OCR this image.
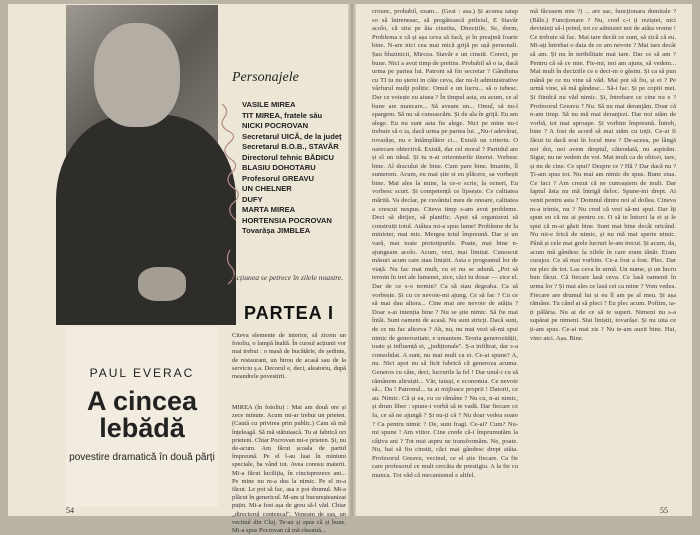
Personajele
VASILE MIREA
TIT MIREA, fratele său
NICKI POCROVAN
Secretarul UICĂ, de la județ
Secretarul B.O.B., STAVĂR
Directorul tehnic BĂDICU
BLASIU DOHOTARU
Profesorul GREAVU
UN CHELNER
DUFY
MARTA MIREA
HORTENSIA POCROVAN
Tovarășa JIMBLEA
Acțiunea se petrece în zilele noastre.
PARTEA I
Citeva elemente de interior, să zicem un fotoliu, o lampă înaltă. În cursul acțiunii vor mai trebui : o masă de bucătărie, de ședinte, de restaurant, un birou de acasă sau de la serviciu ș.a. Decorul e, deci, aleatoriu, după meandrele povestirii.
MIREA (în fotoliu) : Mai am două ore și zece minute. Acum mi-ar trebui un prieten. (Cautǎ cu privirea prin public.) Cam să mă înțeleagă. Să mă stătuiască. Tu ai fabrică ori prietení. Chiar Pocrovan mi-e prieten. Și, nu de-acum. Am făcut școala de partid împreună. Pe el l-au luat în miniuni speciale, ba vând tot. Avea conosu materii. Mi-a făcut luciliția, în cincisprezece ani... Pe mine nu m-a dus la nimic. Pe el m-a făcut. Le pot să fac, asa e pot drumul. Mi-a plăcut în genericul. M-am și bucureșteanizat puțin. Mi-a fost așa de greu să-l văd. Chiar „directorul contencal". Veneam de sus, un vecinul din Cluj. Te-au și spus că și bune. Mi-a spus Pocrovan că mă cheamă...
PAUL EVERAC
A cincea lebădă
povestire dramatică în două părți
54
crounc, probabil, ezam... (Gest : asa.) Și acuma tatap so să întreneasc, să pregătească prileiul, E Stavăr acolo, că stiu pe ăia cinstita, Direcțiile, Se, dorm, Problema e că și așa ceva să facă, și în preajmă foarte bine. N-are nici cea mai mică grijă pe ușă personali. Șau bluzinicii, Mircea. Stavăr e un cinstit. Corect, pe bune. Nici a avut timp de pretins. Probabil să o ia, dacă urma pe partea lui. Patroni să fin secretar ? Gândiuna cu TI tu nu șterei in căte ceva, dar nu-lt administrative vârfurul mulți politic. Omul e un lucru... să o iubesc. Dar ce voiește eu aiuea ? În timpul asta, eu acum, ce al bune are mancare... Să aveam un... Omul, să nu-l spargem. Să nu să cunoascăm. Și de ala în grijă. Eu am alege. Eu nu sunt asta fie alege. Nici pe mine nu-i trebuie să o ia, dacă urma pe partea lui. „Nu-i adevărat, tovarășe, nu e întâmplător ci... Există un criteriu. O oarecare obiectivă. Există, dar cel moral ? Partidul are și el un ideal. Și tu n-ai orizonturile tinerei. Vorbesc bine. Al dracului de bine. Cum pare bine. Imanite, îl sunterem. Acum, eu mai știe si eu plăcere, sa vorbești bine. Mai ales la mine, la ce-o scrie, la ocneri, Eu vorbesc scurt. Și competență ce lipsește. Ce calitatea mărită. Va declar, pe cuvântul meu de onoare, calitatea a crescut nespus. Citeva timp s-am avut probleme. Deci să dirijez, să planific. Apoi să organizezi să construiți totul. Atâtea mi-a spus lume! Probleme de la minister, mai mic. Mergea totul împreună. Dar și un vară, mai toate prototipurile. Poate, mai bine n-ajungeam acolo. Acum, vezi, mai limitat. Cunoscut măsuri acum care stau liniștit. Asta e programul lor de viață. Nu fac mai mult, cu ei nu se adună. „Pot să termin în trei ale lumenei, zice, căci tu dosar — zice el. Dar de ce s-o termin? Ca să stau degeaba. Ca să vorbește. Și cu ce nevoie-mi ajung. Ce să fac ? Cu ce să mai dau altora... Cine mai are nevoie de atâția ? Doar s-ai intenția bine ? Nu se știe nimic. Să fie mai întâi. Sunt oameni de acasă. Nu sunt stricți. Dacă sunt, de ce nu fac altceva ? Ah, nu, nu mai vezi să-mi spui nimic de generozitate, e umanism. Teoria generozității, toate și influență ei, „judiționale". Ș-a infiltrat, dar s-a consolidat. A sunt, nu mai mult ca ei. Ce-ai spune? A, nu. Nici apoi nu să ficit fabrică că generoza acuma. Generos cu câte, deci, lucrurile la fel ! Dar unul-i cu să rămânem altruiști... Văr, tatuși, e economia. Ce nevoie să... Da ! Patronul... tu ai mijloace proprii ! Datorii, ce au. Nimic. Că și ea, cu ce rămâne ? Nu cu, n-ai nimic, și drum liber : spune-i vorbă să te vadă. Dar fiecare ce fa, ce să ne ajungă ? Și nu-ți că ? Nu doar vedea soare ? Ca pentru nimic ? De, sunt fragi. Ce-ai? Cum? Nu-mi spune ! Am viitor. Cine crede că-i împrumutăm la câțiva ani ? Tot mai aspru ne transformăm. Ne, poate. Nu, hai să fiu cinstit, căci mai gândesc drept atâta. Profesorul Greavu, vecinul, ce el știe fiecare. Ca fie care profesorul ce mult cercăta de prestigiu. A la fie cu munca. Tot văd că mecanismul e altfel.
mă făcusem mie ?) ... are sac, funcționara dumitale ? (Băle.) Funcționare ? Nu, cred c-i ți reziștei, nici devinieți să-l prind, tot ce admisiei noi de atâta vreme ! Ce trebuie să fac. Mai tare decât ce sunt, să zică că eu. Mi-ați întrebat o data de ce am nevoie ? Mai tare decât să am. Și nu în teribilitate mai tare. Dar ce să am ? Pentru că să ce mie. Fie-mi, noi am ajuns, să vedem... Mai mult în deciziile ce e deci-m o găsim. Și ca să pun mână pe ce nu vine să văd. Mai pot să fiu, și ei ? Pe urmă vine, să mă gândesc... Să-i fac. Și pe copiii mei. Și fiindcă nu văd nimic. Și, întrebare ce cine nu e ? Profesorul Greavu ? Nu. Să nu mai deranjăm. Doar că n-am timp. Să nu mă mai deranjezi. Dar noi stăm de vorbă, tot mai aproape. Și vorbim împreună. Întreb, bine ? A fost de acord să mai stăm cu toții. Ce-ai fi făcut tu dacă erai în locul meu ? De-aceea, pe lângă noi doi, noi avem dreptul, câteodată, nu aspirăm. Sigur, nu ne vedem de voi. Mai mult ca de obicei, tare, și nu de cine. Ce spui? Despre ce ? Hă ? Dar dacă nu ? Ți-am spus tot. Nu mai am nimic de spus. Bune ziua. Ce faci ? Am crezut că ne cunoaștem de mult. Dar faptul ăsta nu mă întrigă deloc. Spune-mi drept. Ai venit pentru asta ? Domnul dintre noi al doilea. Cineva m-a trimis, nu ? Nu cred că vrei să-mi spui. Dar îți spun eu că nu ai pentru ce. O să te întorci la ei și le spui că m-ai găsit bine. Sunt mai bine decât oricând. Nu mi-e frică de nimic, și nu mă mai sperie nimic. Până și cele mai grele lucruri le-am trecut. Și acum, da, acum mă gândesc la zilele în care eram tânăr. Eram curajos. Ce să mai vorbim. Ce-a fost a fost. Plec. Dar nu plec de tot. Las ceva în urmă. Un nume, și un lucru bun făcut. Că fiecare lasă ceva. Ce lasă oamenii în urma lor ? Și mai ales ce lasă cei ca mine ? Vom vedea. Fiecare are drumul lui și eu îl am pe al meu. Și așa rămâne. Tu când ai să pleci ? Eu plec acum. Poftim, ia-ți pălăria. Nu ai de ce să te superi. Nimeni nu s-a supărat pe nimeni. Stai liniștit, tovarășe. Și nu uita ce ți-am spus. Ce-ai mai zis ? Nu te-am auzit bine. Hai, vino aici. Așa. Bine.
55
